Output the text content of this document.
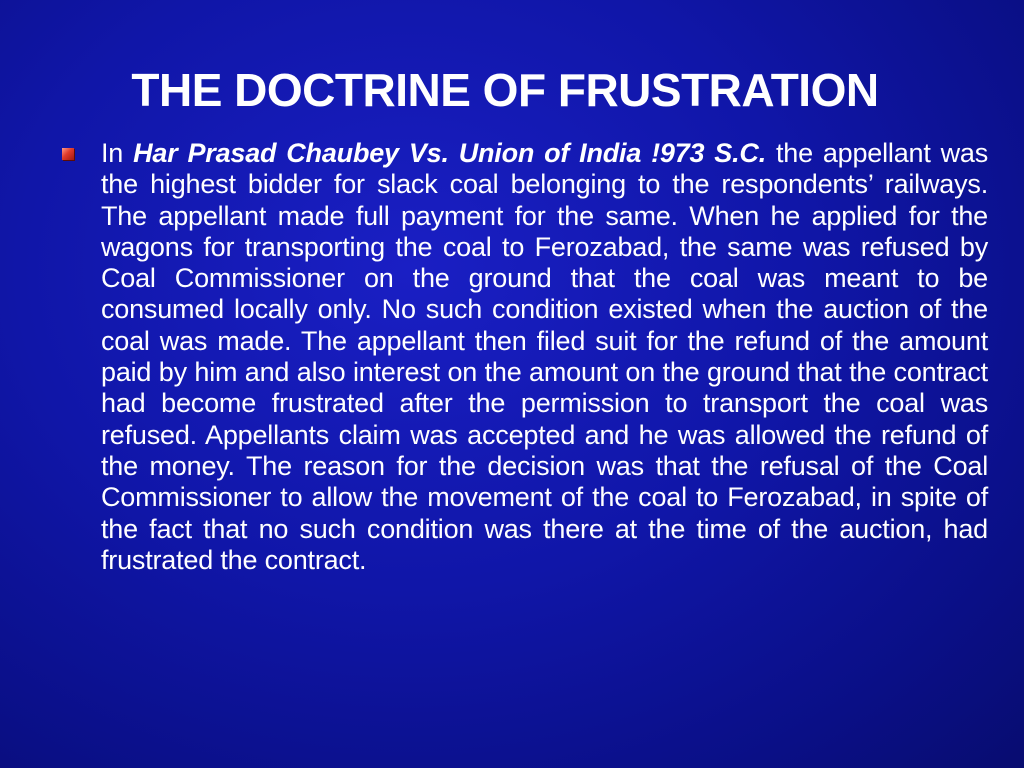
THE DOCTRINE OF FRUSTRATION

In Har Prasad Chaubey Vs. Union of India !973 S.C. the appellant was the highest bidder for slack coal belonging to the respondents’ railways. The appellant made full payment for the same. When he applied for the wagons for transporting the coal to Ferozabad, the same was refused by Coal Commissioner on the ground that the coal was meant to be consumed locally only. No such condition existed when the auction of the coal was made. The appellant then filed suit for the refund of the amount paid by him and also interest on the amount on the ground that the contract had become frustrated after the permission to transport the coal was refused. Appellants claim was accepted and he was allowed the refund of the money. The reason for the decision was that the refusal of the Coal Commissioner to allow the movement of the coal to Ferozabad, in spite of the fact that no such condition was there at the time of the auction, had frustrated the contract.
